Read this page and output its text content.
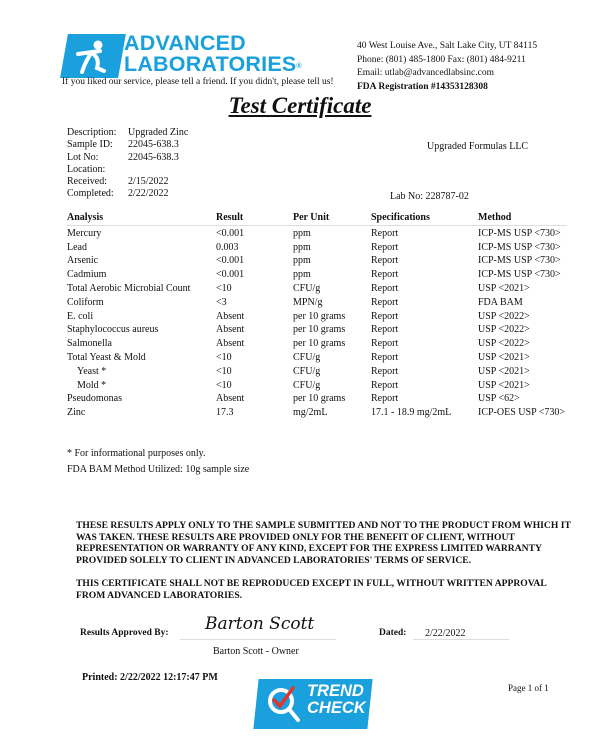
ADVANCED
LABORATORIES®
If you liked our service, please tell a friend. If you didn't, please tell us!
40 West Louise Ave., Salt Lake City, UT 84115
Phone: (801) 485-1800 Fax: (801) 484-9211
Email: utlab@advancedlabsinc.com
FDA Registration #14353128308
Test Certificate
Description:	Upgraded Zinc
Sample ID:	22045-638.3
Lot No:	22045-638.3
Location:
Received:	2/15/2022
Completed:	2/22/2022
Upgraded Formulas LLC
Lab No: 228787-02
Analysis	Result	Per Unit	Specifications	Method
Mercury	<0.001	ppm	Report	ICP-MS USP <730>
Lead	0.003	ppm	Report	ICP-MS USP <730>
Arsenic	<0.001	ppm	Report	ICP-MS USP <730>
Cadmium	<0.001	ppm	Report	ICP-MS USP <730>
Total Aerobic Microbial Count	<10	CFU/g	Report	USP <2021>
Coliform	<3	MPN/g	Report	FDA BAM
E. coli	Absent	per 10 grams	Report	USP <2022>
Staphylococcus aureus	Absent	per 10 grams	Report	USP <2022>
Salmonella	Absent	per 10 grams	Report	USP <2022>
Total Yeast & Mold	<10	CFU/g	Report	USP <2021>
Yeast *	<10	CFU/g	Report	USP <2021>
Mold *	<10	CFU/g	Report	USP <2021>
Pseudomonas	Absent	per 10 grams	Report	USP <62>
Zinc	17.3	mg/2mL	17.1 - 18.9 mg/2mL	ICP-OES USP <730>
* For informational purposes only.
FDA BAM Method Utilized: 10g sample size

THESE RESULTS APPLY ONLY TO THE SAMPLE SUBMITTED AND NOT TO THE PRODUCT FROM WHICH IT WAS TAKEN. THESE RESULTS ARE PROVIDED ONLY FOR THE BENEFIT OF CLIENT, WITHOUT REPRESENTATION OR WARRANTY OF ANY KIND, EXCEPT FOR THE EXPRESS LIMITED WARRANTY PROVIDED SOLELY TO CLIENT IN ADVANCED LABORATORIES' TERMS OF SERVICE.

THIS CERTIFICATE SHALL NOT BE REPRODUCED EXCEPT IN FULL, WITHOUT WRITTEN APPROVAL FROM ADVANCED LABORATORIES.

Results Approved By: Barton Scott
Barton Scott - Owner
Dated: 2/22/2022
Printed: 2/22/2022 12:17:47 PM
TREND
CHECK
Page 1 of 1
